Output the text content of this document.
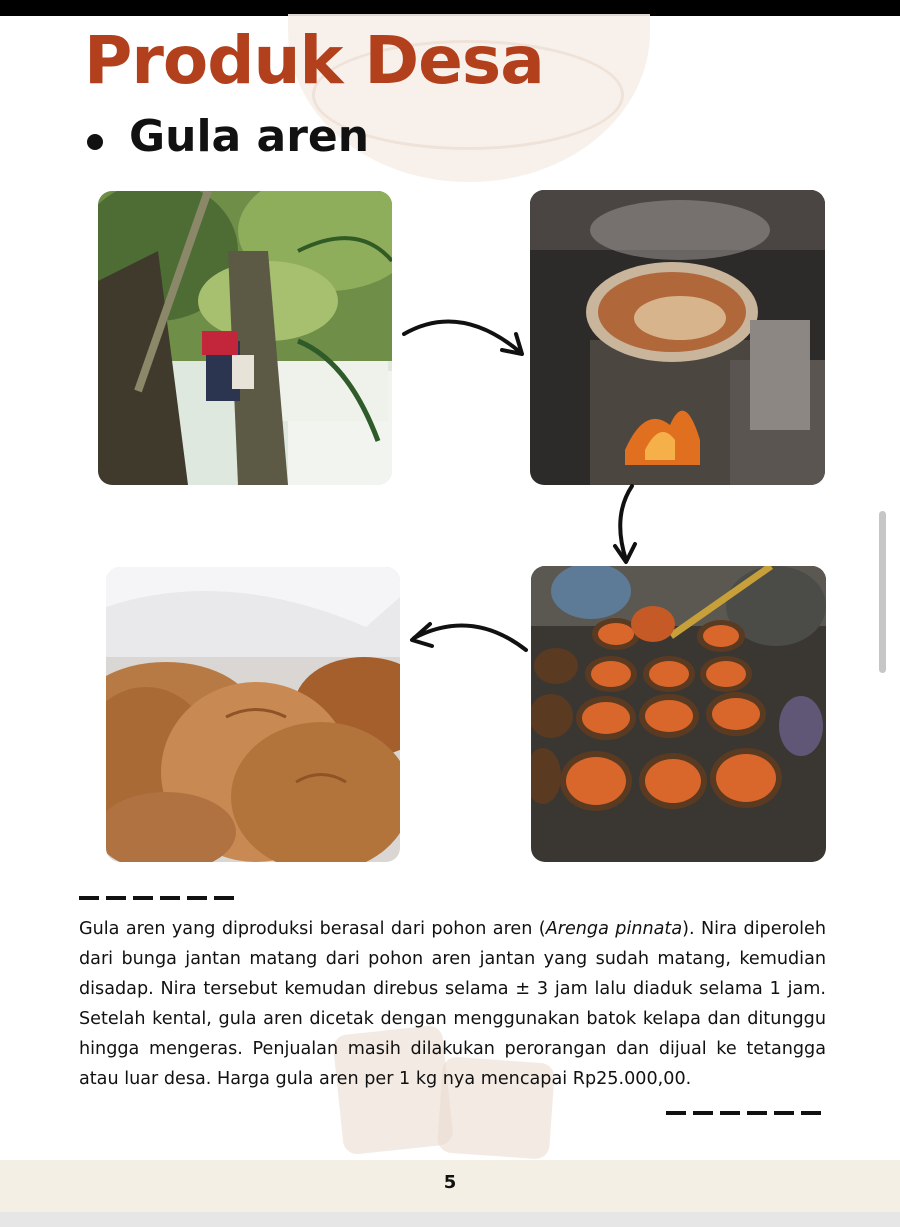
Produk Desa
Gula aren

Gula aren yang diproduksi berasal dari pohon aren (Arenga pinnata). Nira diperoleh dari bunga jantan matang dari pohon aren jantan yang sudah matang, kemudian disadap. Nira tersebut kemudan direbus selama ± 3 jam lalu diaduk selama 1 jam. Setelah kental, gula aren dicetak dengan menggunakan batok kelapa dan ditunggu hingga mengeras. Penjualan masih dilakukan perorangan dan dijual ke tetangga atau luar desa. Harga gula aren per 1 kg nya mencapai Rp25.000,00.

5
